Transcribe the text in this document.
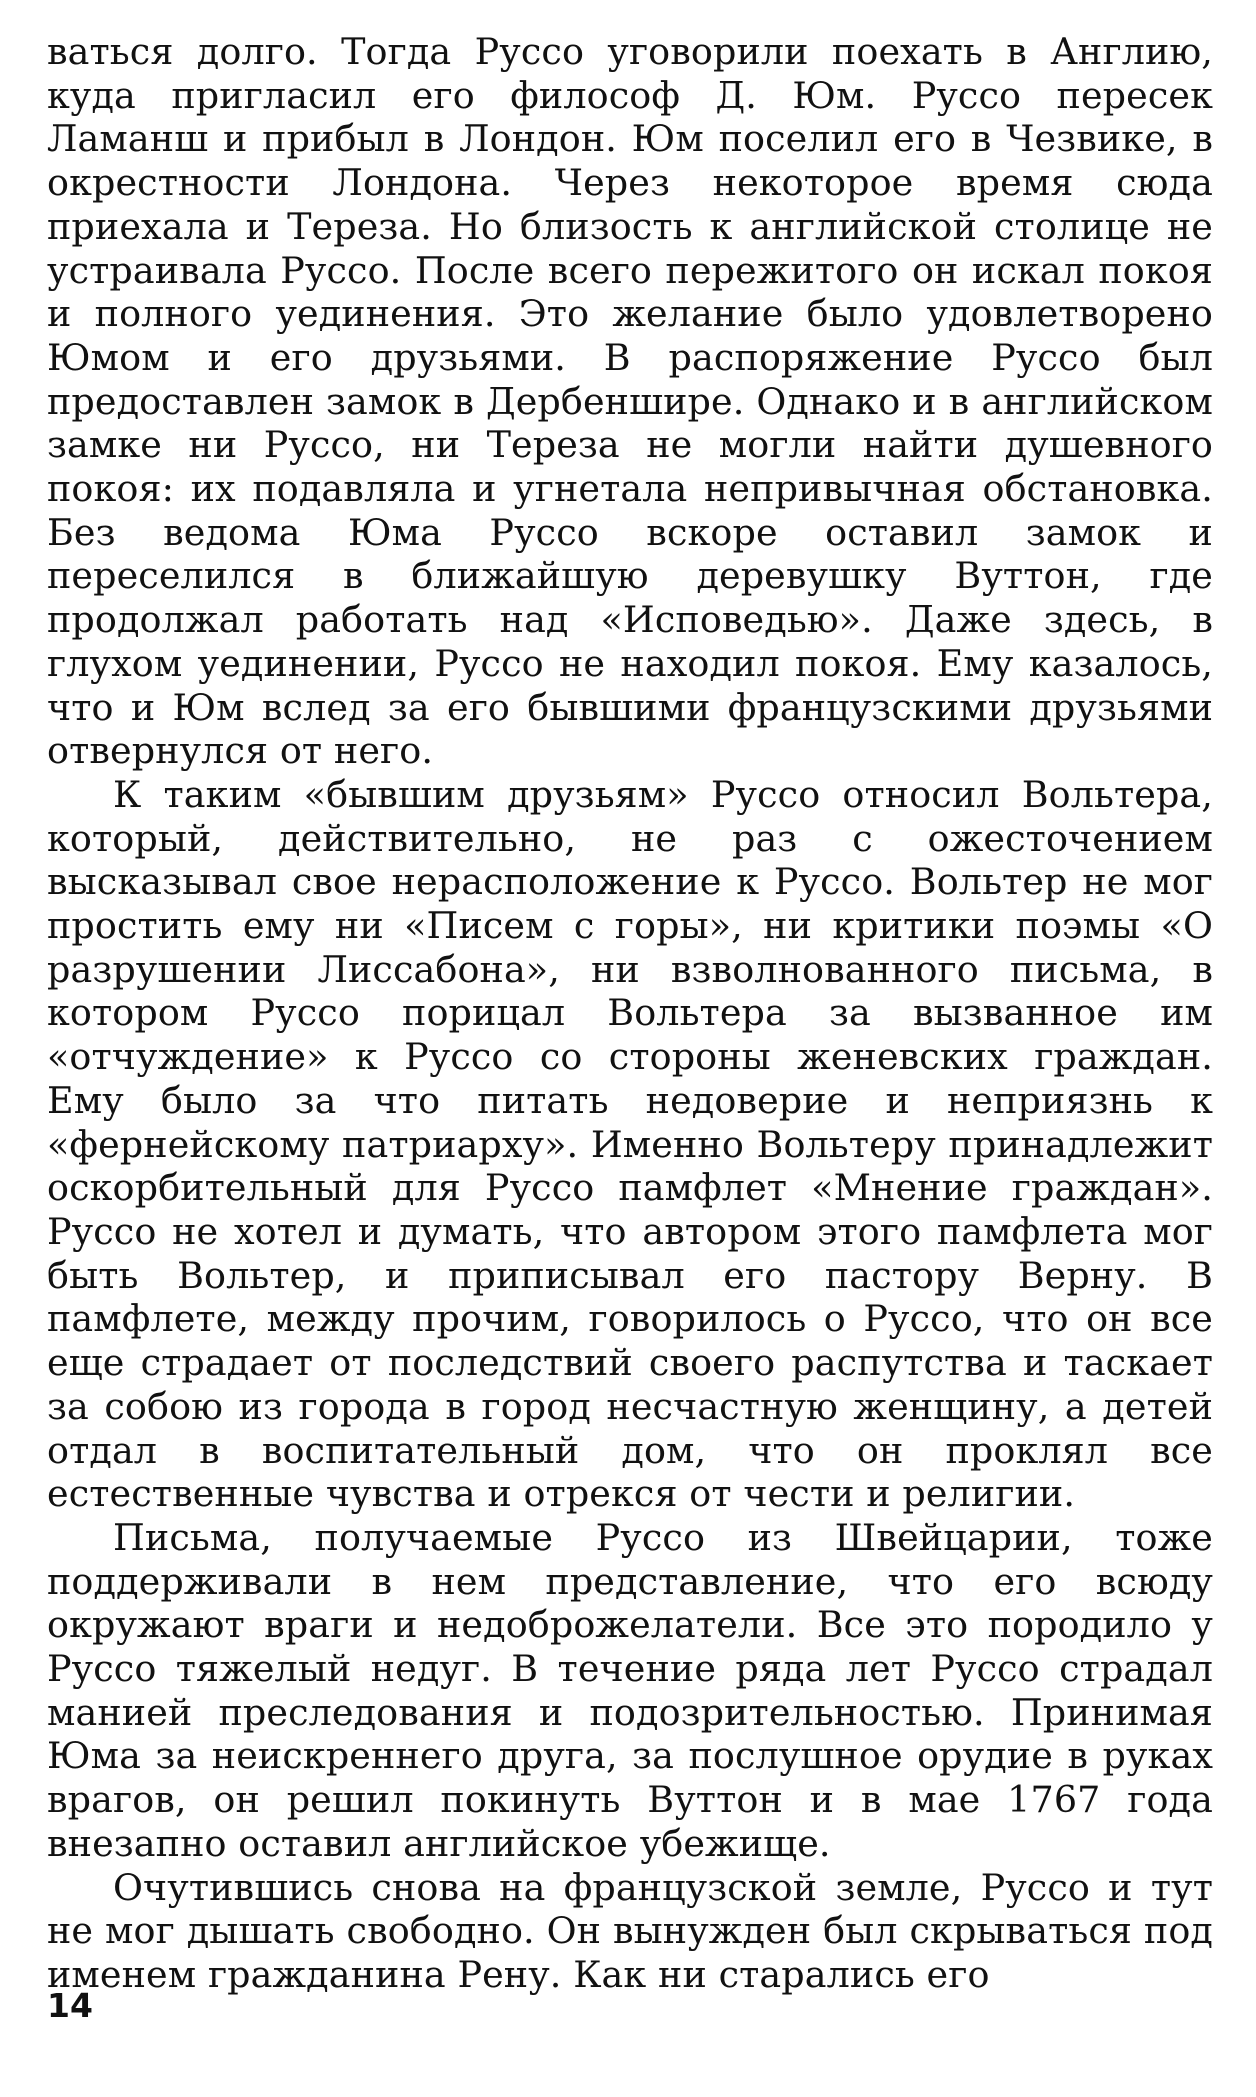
ваться долго. Тогда Руссо уговорили поехать в Англию, куда пригласил его философ Д. Юм. Руссо пересек Ламанш и прибыл в Лондон. Юм поселил его в Чезвике, в окрестности Лондона. Через некоторое время сюда приехала и Тереза. Но близость к английской столице не устраивала Руссо. После всего пережитого он искал покоя и полного уединения. Это желание было удовлетворено Юмом и его друзьями. В распоряжение Руссо был предоставлен замок в Дербеншире. Однако и в английском замке ни Руссо, ни Тереза не могли найти душевного покоя: их подавляла и угнетала непривычная обстановка. Без ведома Юма Руссо вскоре оставил замок и переселился в ближайшую деревушку Вуттон, где продолжал работать над «Исповедью». Даже здесь, в глухом уединении, Руссо не находил покоя. Ему казалось, что и Юм вслед за его бывшими французскими друзьями отвернулся от него.

К таким «бывшим друзьям» Руссо относил Вольтера, который, действительно, не раз с ожесточением высказывал свое нерасположение к Руссо. Вольтер не мог простить ему ни «Писем с горы», ни критики поэмы «О разрушении Лиссабона», ни взволнованного письма, в котором Руссо порицал Вольтера за вызванное им «отчуждение» к Руссо со стороны женевских граждан. Ему было за что питать недоверие и неприязнь к «фернейскому патриарху». Именно Вольтеру принадлежит оскорбительный для Руссо памфлет «Мнение граждан». Руссо не хотел и думать, что автором этого памфлета мог быть Вольтер, и приписывал его пастору Верну. В памфлете, между прочим, говорилось о Руссо, что он все еще страдает от последствий своего распутства и таскает за собою из города в город несчастную женщину, а детей отдал в воспитательный дом, что он проклял все естественные чувства и отрекся от чести и религии.

Письма, получаемые Руссо из Швейцарии, тоже поддерживали в нем представление, что его всюду окружают враги и недоброжелатели. Все это породило у Руссо тяжелый недуг. В течение ряда лет Руссо страдал манией преследования и подозрительностью. Принимая Юма за неискреннего друга, за послушное орудие в руках врагов, он решил покинуть Вуттон и в мае 1767 года внезапно оставил английское убежище.

Очутившись снова на французской земле, Руссо и тут не мог дышать свободно. Он вынужден был скрываться под именем гражданина Рену. Как ни старались его

14
